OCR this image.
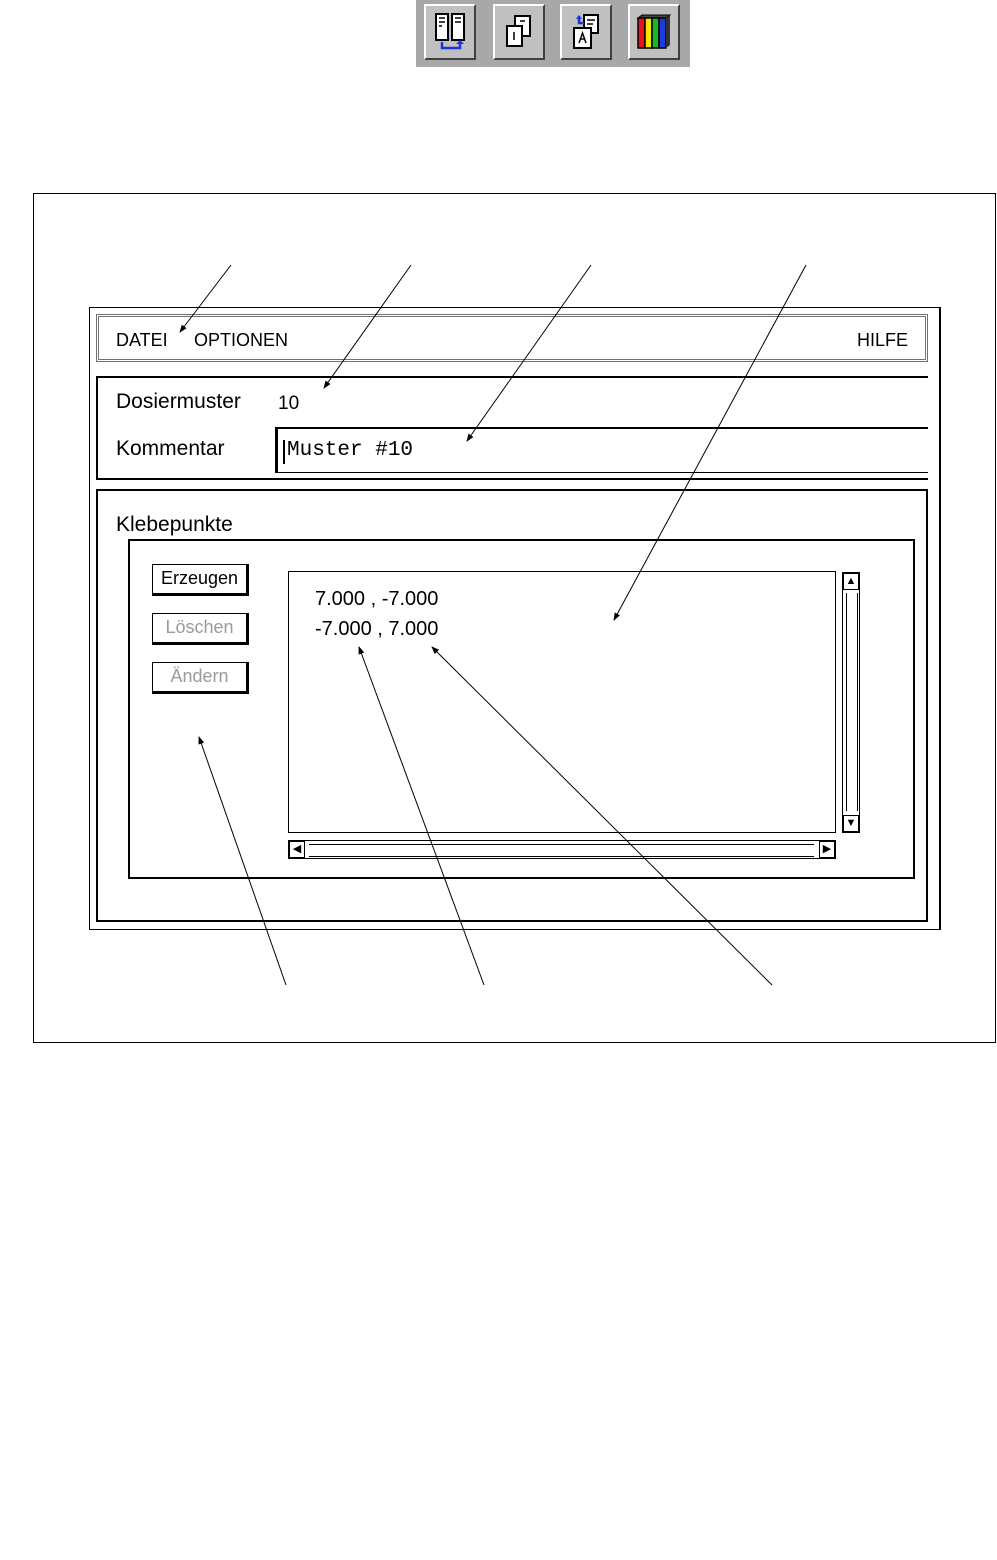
DATEI OPTIONEN	HILFE
Dosiermuster 10
Kommentar	Muster #10
Klebepunkte
Erzeugen
Löschen
Ändern
7.000 , -7.000
-7.000 , 7.000
▲
▼
◀	▶
